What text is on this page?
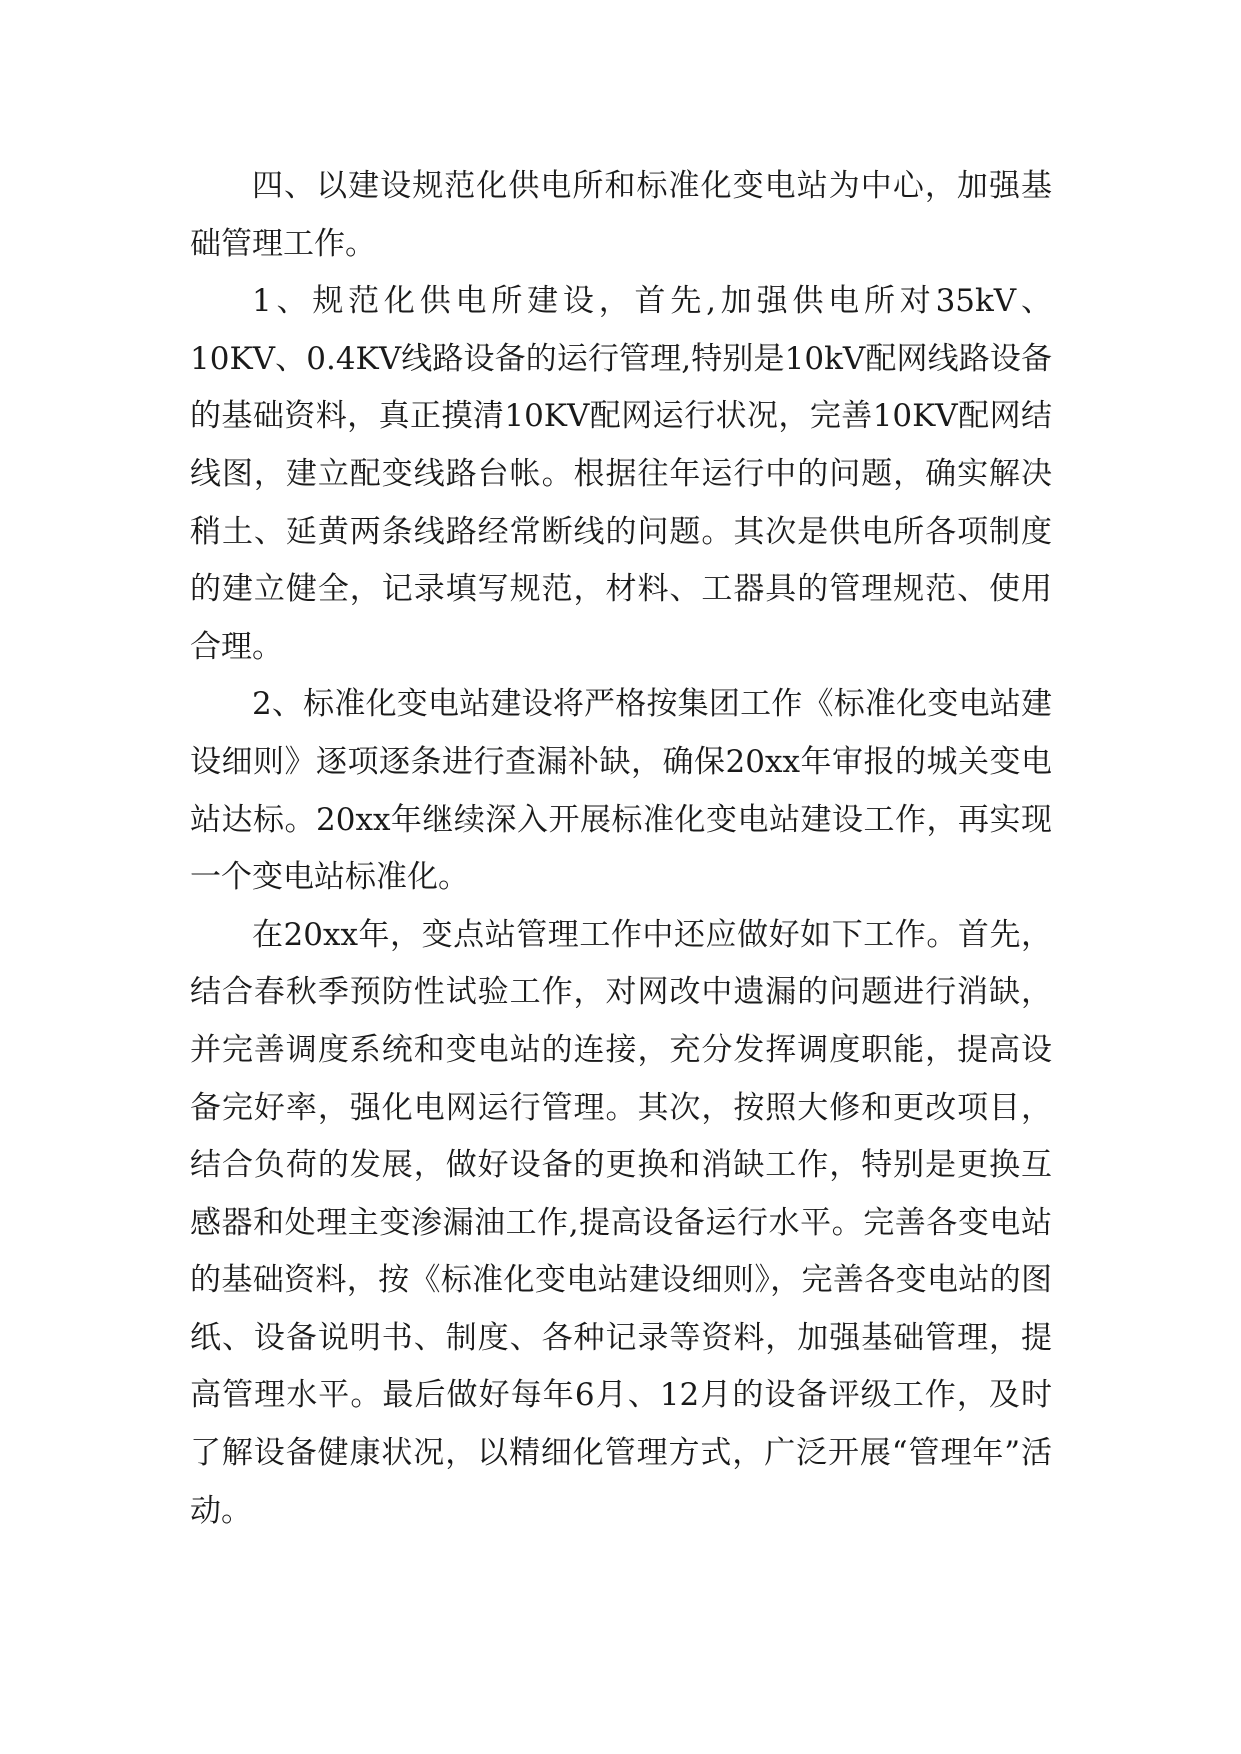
四、以建设规范化供电所和标准化变电站为中心，加强基础管理工作。

1、规范化供电所建设，首先,加强供电所对35kV、10KV、0.4KV线路设备的运行管理,特别是10kV配网线路设备的基础资料，真正摸清10KV配网运行状况，完善10KV配网结线图，建立配变线路台帐。根据往年运行中的问题，确实解决稍土、延黄两条线路经常断线的问题。其次是供电所各项制度的建立健全，记录填写规范，材料、工器具的管理规范、使用合理。

2、标准化变电站建设将严格按集团工作《标准化变电站建设细则》逐项逐条进行查漏补缺，确保20xx年审报的城关变电站达标。20xx年继续深入开展标准化变电站建设工作，再实现一个变电站标准化。

在20xx年，变点站管理工作中还应做好如下工作。首先，结合春秋季预防性试验工作，对网改中遗漏的问题进行消缺，并完善调度系统和变电站的连接，充分发挥调度职能，提高设备完好率，强化电网运行管理。其次，按照大修和更改项目，结合负荷的发展，做好设备的更换和消缺工作，特别是更换互感器和处理主变渗漏油工作,提高设备运行水平。完善各变电站的基础资料，按《标准化变电站建设细则》，完善各变电站的图纸、设备说明书、制度、各种记录等资料，加强基础管理，提高管理水平。最后做好每年6月、12月的设备评级工作，及时了解设备健康状况，以精细化管理方式，广泛开展“管理年”活动。
